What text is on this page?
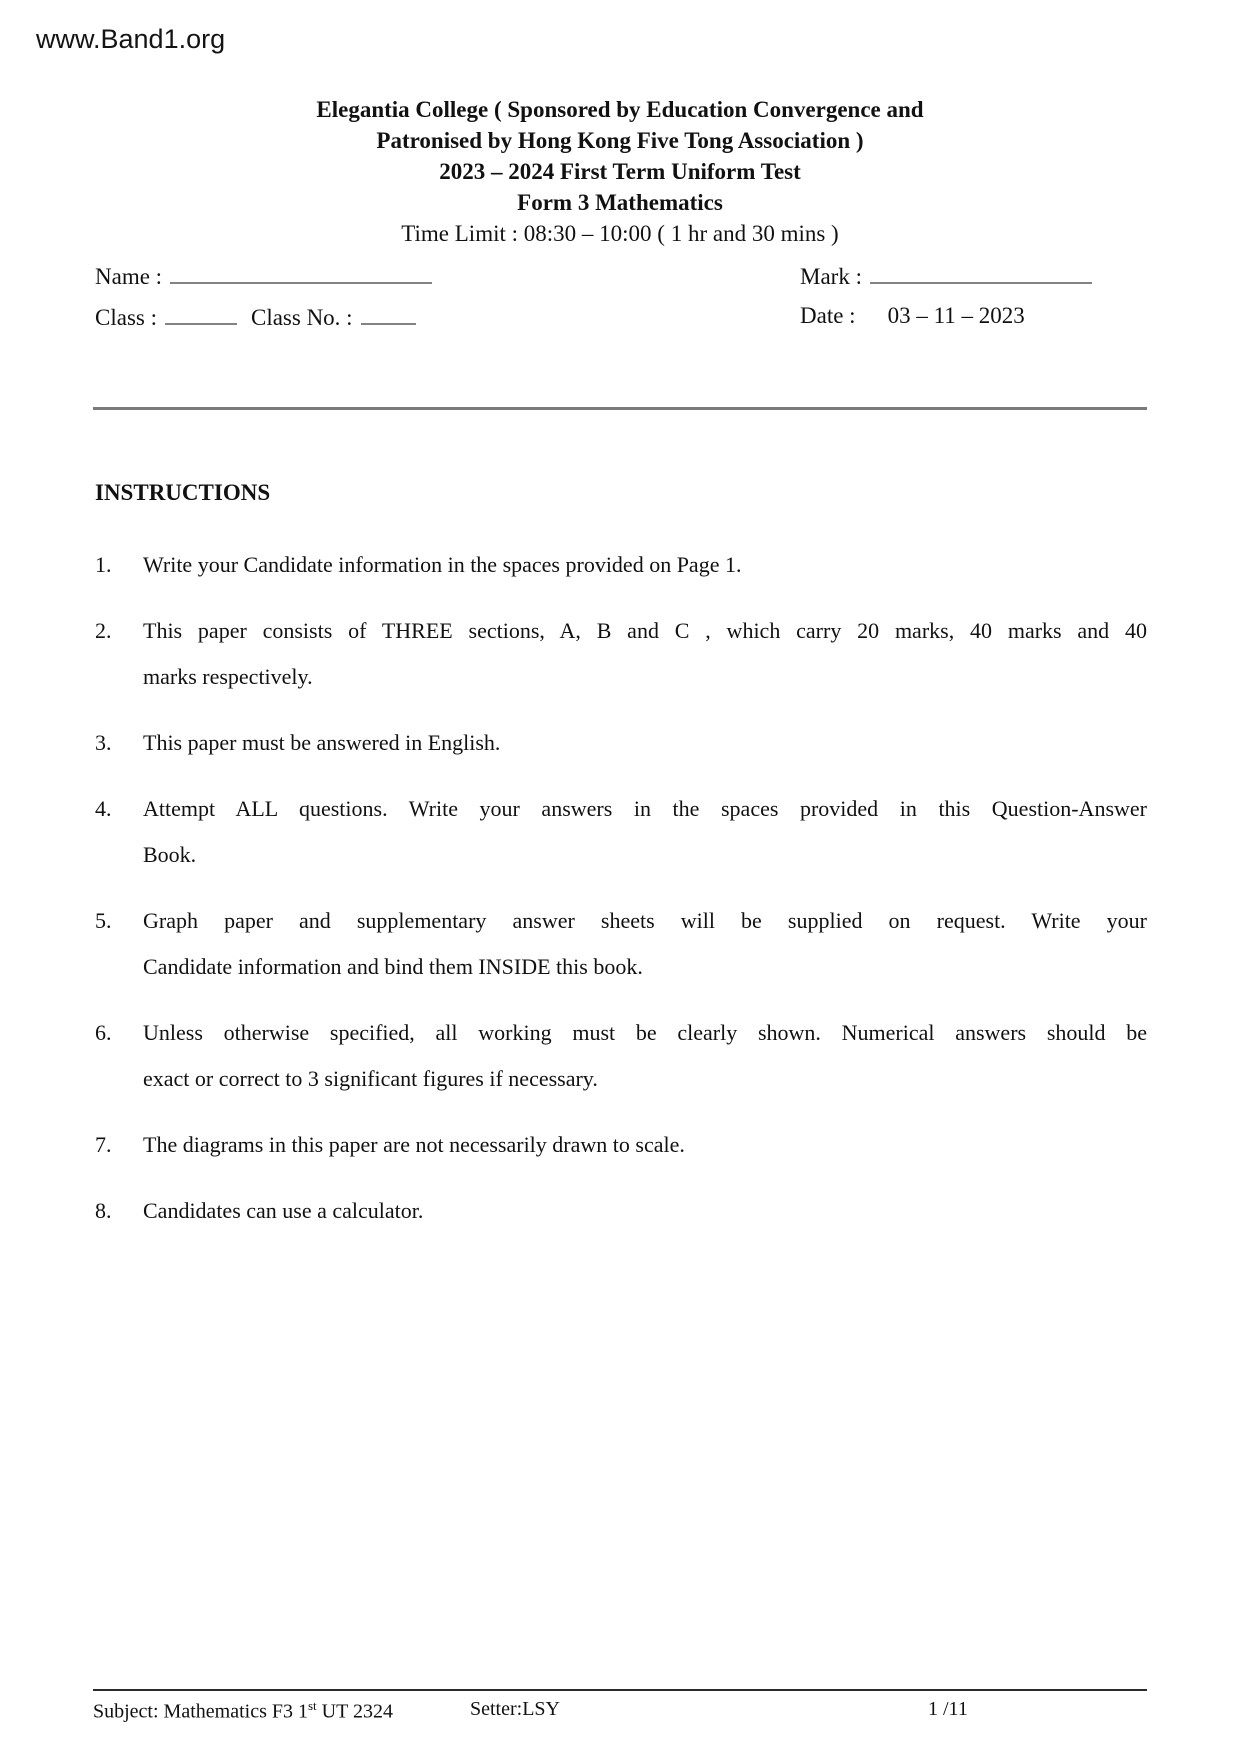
www.Band1.org
Elegantia College ( Sponsored by Education Convergence and
Patronised by Hong Kong Five Tong Association )
2023 – 2024 First Term Uniform Test
Form 3 Mathematics
Time Limit : 08:30 – 10:00 ( 1 hr and 30 mins )
Name :	Mark :
Class :	Class No. :	Date : 03 – 11 – 2023
INSTRUCTIONS
1.	Write your Candidate information in the spaces provided on Page 1.
2.	This paper consists of THREE sections, A, B and C , which carry 20 marks, 40 marks and 40
marks respectively.
3.	This paper must be answered in English.
4.	Attempt ALL questions. Write your answers in the spaces provided in this Question-Answer
Book.
5.	Graph paper and supplementary answer sheets will be supplied on request. Write your
Candidate information and bind them INSIDE this book.
6.	Unless otherwise specified, all working must be clearly shown. Numerical answers should be
exact or correct to 3 significant figures if necessary.
7.	The diagrams in this paper are not necessarily drawn to scale.
8.	Candidates can use a calculator.
Subject: Mathematics F3 1st UT 2324	Setter:LSY	1 /11
